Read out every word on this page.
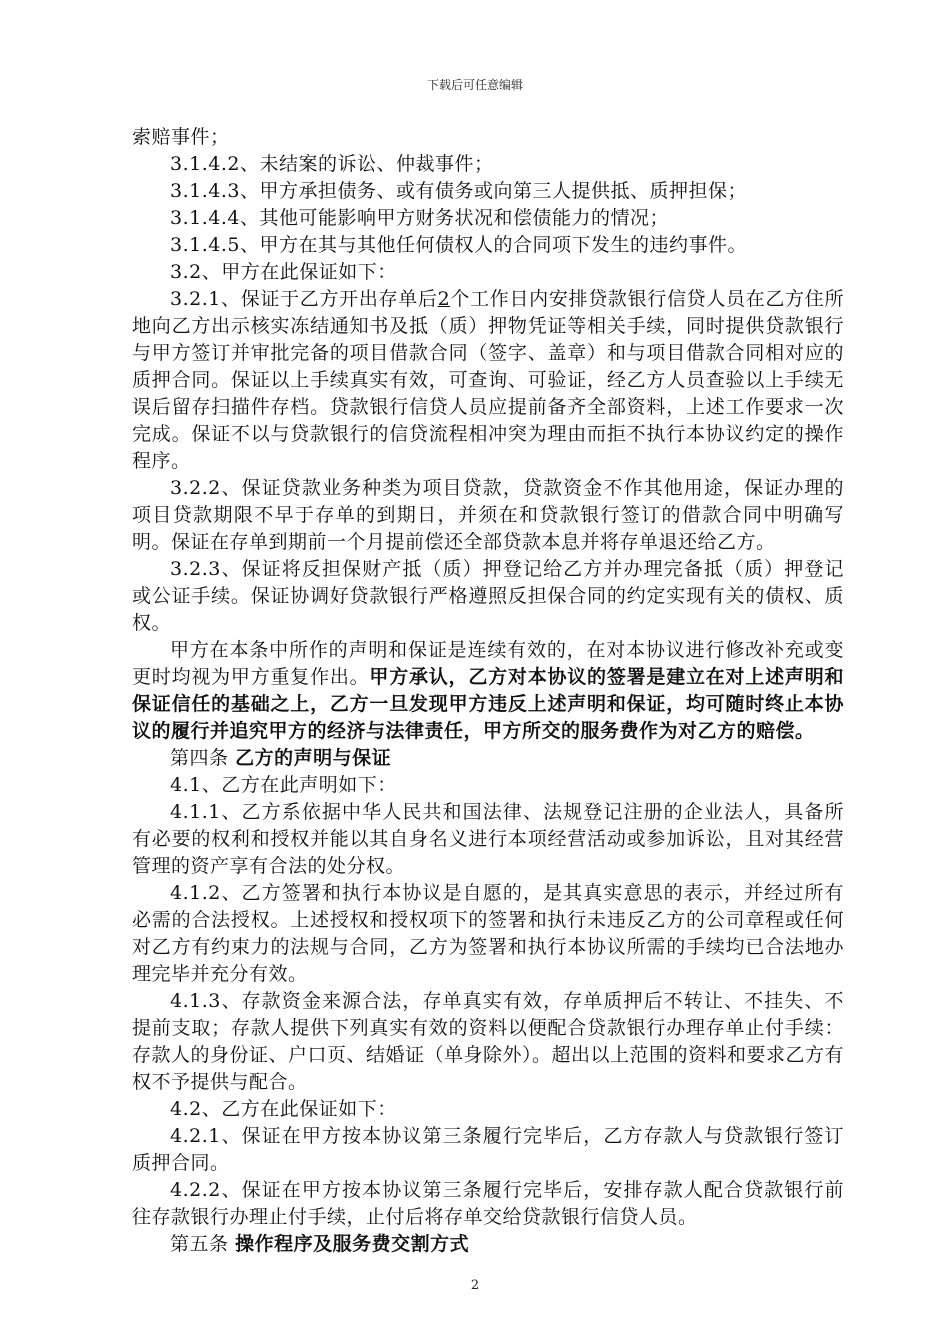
下载后可任意编辑

索赔事件；

3.1.4.2、未结案的诉讼、仲裁事件；

3.1.4.3、甲方承担债务、或有债务或向第三人提供抵、质押担保；

3.1.4.4、其他可能影响甲方财务状况和偿债能力的情况；

3.1.4.5、甲方在其与其他任何债权人的合同项下发生的违约事件。

3.2、甲方在此保证如下：

3.2.1、保证于乙方开出存单后2个工作日内安排贷款银行信贷人员在乙方住所地向乙方出示核实冻结通知书及抵（质）押物凭证等相关手续，同时提供贷款银行与甲方签订并审批完备的项目借款合同（签字、盖章）和与项目借款合同相对应的质押合同。保证以上手续真实有效，可查询、可验证，经乙方人员查验以上手续无误后留存扫描件存档。贷款银行信贷人员应提前备齐全部资料，上述工作要求一次完成。保证不以与贷款银行的信贷流程相冲突为理由而拒不执行本协议约定的操作程序。

3.2.2、保证贷款业务种类为项目贷款，贷款资金不作其他用途，保证办理的项目贷款期限不早于存单的到期日，并须在和贷款银行签订的借款合同中明确写明。保证在存单到期前一个月提前偿还全部贷款本息并将存单退还给乙方。

3.2.3、保证将反担保财产抵（质）押登记给乙方并办理完备抵（质）押登记或公证手续。保证协调好贷款银行严格遵照反担保合同的约定实现有关的债权、质权。

甲方在本条中所作的声明和保证是连续有效的，在对本协议进行修改补充或变更时均视为甲方重复作出。甲方承认，乙方对本协议的签署是建立在对上述声明和保证信任的基础之上，乙方一旦发现甲方违反上述声明和保证，均可随时终止本协议的履行并追究甲方的经济与法律责任，甲方所交的服务费作为对乙方的赔偿。

第四条 乙方的声明与保证

4.1、乙方在此声明如下：

4.1.1、乙方系依据中华人民共和国法律、法规登记注册的企业法人，具备所有必要的权利和授权并能以其自身名义进行本项经营活动或参加诉讼，且对其经营管理的资产享有合法的处分权。

4.1.2、乙方签署和执行本协议是自愿的，是其真实意思的表示，并经过所有必需的合法授权。上述授权和授权项下的签署和执行未违反乙方的公司章程或任何对乙方有约束力的法规与合同，乙方为签署和执行本协议所需的手续均已合法地办理完毕并充分有效。

4.1.3、存款资金来源合法，存单真实有效，存单质押后不转让、不挂失、不提前支取；存款人提供下列真实有效的资料以便配合贷款银行办理存单止付手续：存款人的身份证、户口页、结婚证（单身除外）。超出以上范围的资料和要求乙方有权不予提供与配合。

4.2、乙方在此保证如下：

4.2.1、保证在甲方按本协议第三条履行完毕后，乙方存款人与贷款银行签订质押合同。

4.2.2、保证在甲方按本协议第三条履行完毕后，安排存款人配合贷款银行前往存款银行办理止付手续，止付后将存单交给贷款银行信贷人员。

第五条 操作程序及服务费交割方式

2
